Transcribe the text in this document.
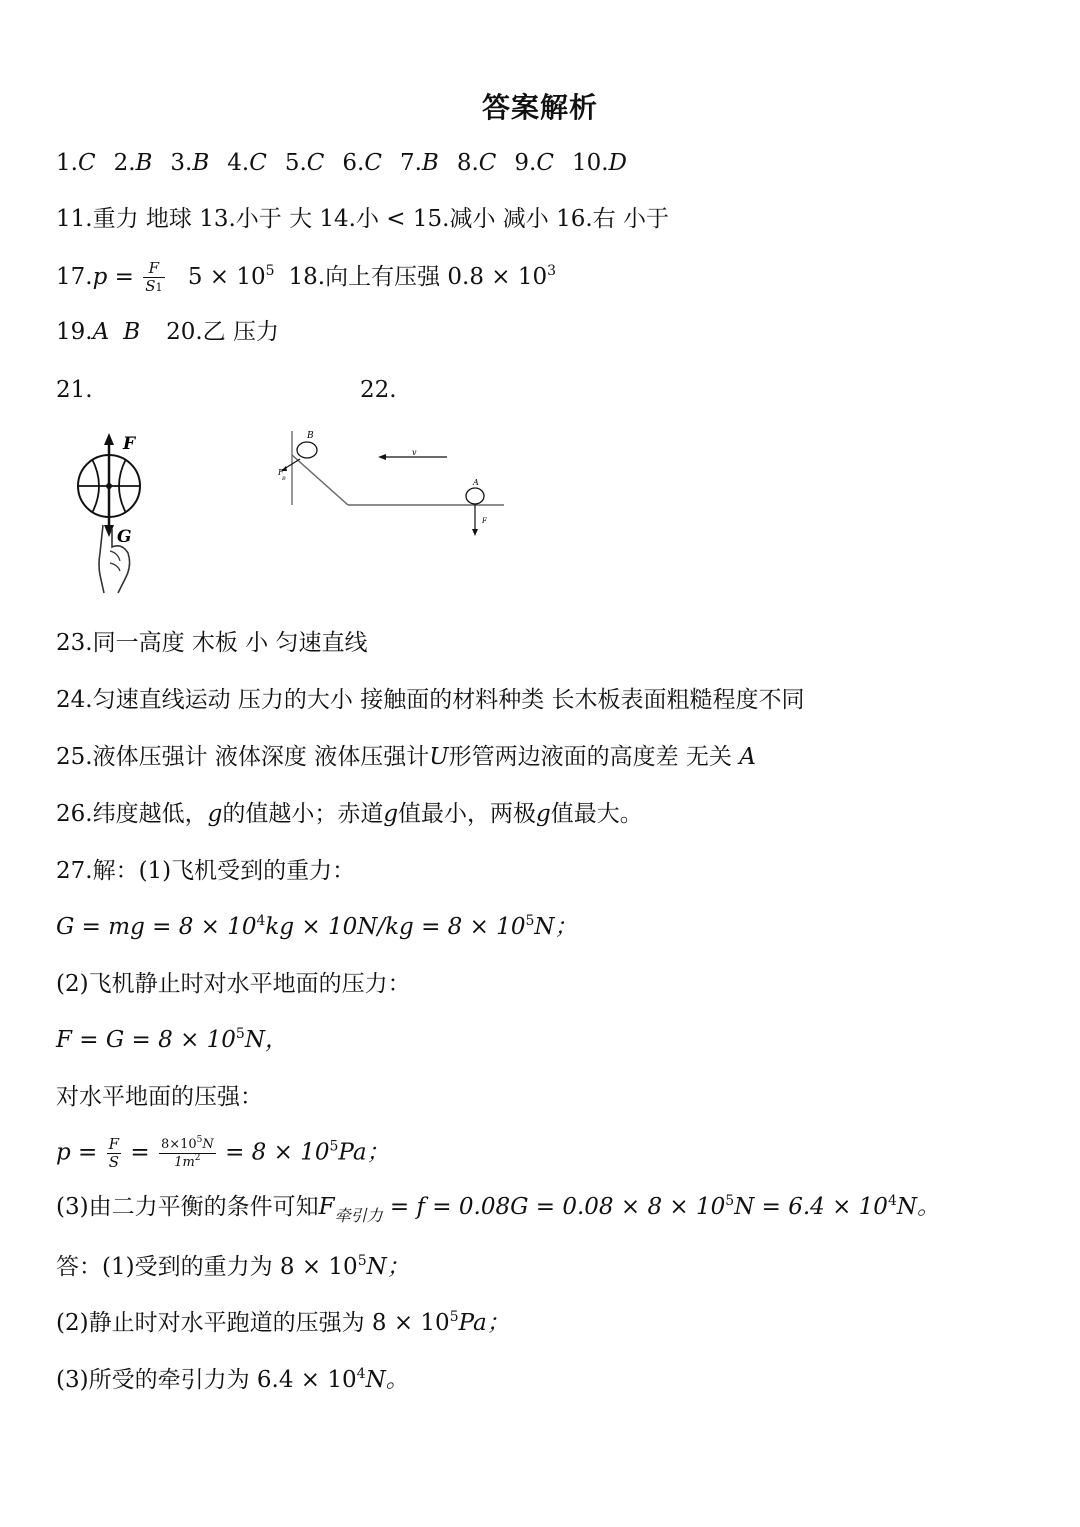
答案解析
1.C 2.B 3.B 4.C 5.C 6.C 7.B 8.C 9.C 10.D
11.重力 地球 13.小于 大 14.小 < 15.减小 减小 16.右 小于
$17.p = \frac{F}{S1} 5 \times 10^5$ 18.向上有压强 $0.8 \times 10^3$
19.A B 20.乙 压力
21.	22.
F
G
B
F
B
v
A
F
23.同一高度 木板 小 匀速直线
24.匀速直线运动 压力的大小 接触面的材料种类 长木板表面粗糙程度不同
25.液体压强计 液体深度 液体压强计U形管两边液面的高度差 无关 A
26.纬度越低，g的值越小；赤道g值最小，两极g值最大。
27.解：(1)飞机受到的重力：
G = mg = $8 \times 10^4kg \times 10N/kg = 8 \times 10^5N$；
(2)飞机静止时对水平地面的压力：
$F = G = 8 \times 10^5N$，
对水平地面的压强：
$p = \frac{F}{S} = \frac{8\times 10^5N}{1m^2} = 8 \times 10^5Pa$；
(3)由二力平衡的条件可知$F_{牵引力} = f = 0.08G = 0.08 \times 8 \times 10^5N = 6.4 \times 10^4N$。
答：(1)受到的重力为 $8 \times 10^5N$；
(2)静止时对水平跑道的压强为 $8 \times 10^5Pa$；
(3)所受的牵引力为 $6.4 \times 10^4N$。
